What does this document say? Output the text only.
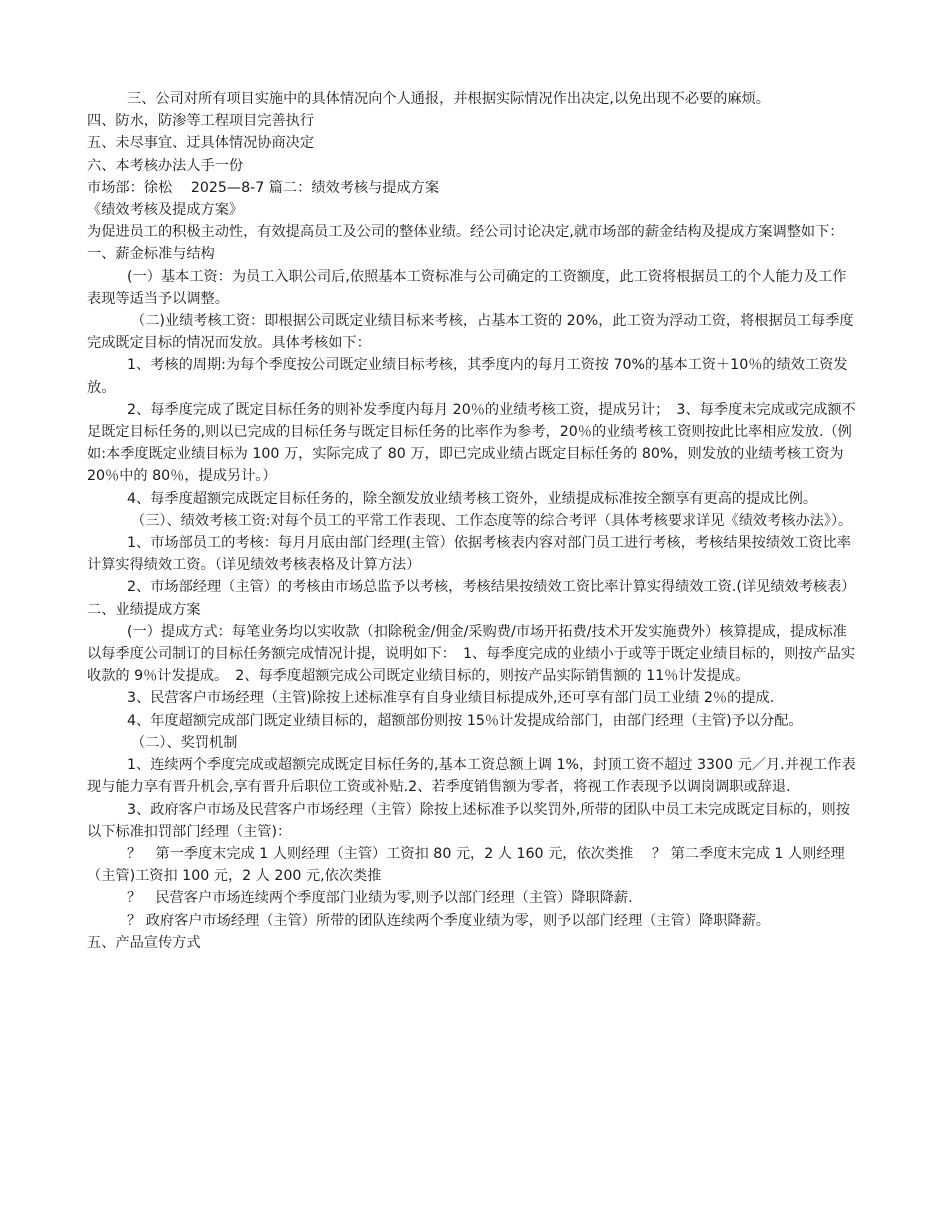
三、公司对所有项目实施中的具体情况向个人通报，并根据实际情况作出决定,以免出现不必要的麻烦。

四、防水，防渗等工程项目完善执行

五、未尽事宜、迂具体情况协商决定

六、本考核办法人手一份

市场部：徐松　 2025—8-7 篇二：绩效考核与提成方案

《绩效考核及提成方案》

为促进员工的积极主动性，有效提高员工及公司的整体业绩。经公司讨论决定,就市场部的薪金结构及提成方案调整如下：　一、薪金标准与结构

(一）基本工资：为员工入职公司后,依照基本工资标准与公司确定的工资额度，此工资将根据员工的个人能力及工作表现等适当予以调整。

（二)业绩考核工资：即根据公司既定业绩目标来考核，占基本工资的 20%，此工资为浮动工资，将根据员工每季度完成既定目标的情况而发放。具体考核如下：

1、考核的周期:为每个季度按公司既定业绩目标考核，其季度内的每月工资按 70%的基本工资＋10％的绩效工资发放。

2、每季度完成了既定目标任务的则补发季度内每月 20％的业绩考核工资，提成另计；　3、每季度未完成或完成额不足既定目标任务的,则以已完成的目标任务与既定目标任务的比率作为参考，20％的业绩考核工资则按此比率相应发放.（例如:本季度既定业绩目标为 100 万，实际完成了 80 万，即已完成业绩占既定目标任务的 80%，则发放的业绩考核工资为 20％中的 80％，提成另计。）

4、每季度超额完成既定目标任务的，除全额发放业绩考核工资外，业绩提成标准按全额享有更高的提成比例。

（三）、绩效考核工资:对每个员工的平常工作表现、工作态度等的综合考评（具体考核要求详见《绩效考核办法》）。

1、市场部员工的考核：每月月底由部门经理(主管）依据考核表内容对部门员工进行考核，考核结果按绩效工资比率计算实得绩效工资。（详见绩效考核表格及计算方法）

2、市场部经理（主管）的考核由市场总监予以考核，考核结果按绩效工资比率计算实得绩效工资.(详见绩效考核表）　二、业绩提成方案

(一）提成方式：每笔业务均以实收款（扣除税金/佣金/采购费/市场开拓费/技术开发实施费外）核算提成，提成标准以每季度公司制订的目标任务额完成情况计提，说明如下：　1、每季度完成的业绩小于或等于既定业绩目标的，则按产品实收款的 9％计发提成。　2、每季度超额完成公司既定业绩目标的，则按产品实际销售额的 11％计发提成。

3、民营客户市场经理（主管)除按上述标准享有自身业绩目标提成外,还可享有部门员工业绩 2％的提成.

4、年度超额完成部门既定业绩目标的，超额部份则按 15％计发提成给部门，由部门经理（主管)予以分配。

（二）、奖罚机制

1、连续两个季度完成或超额完成既定目标任务的,基本工资总额上调 1%，封顶工资不超过 3300 元／月.并视工作表现与能力享有晋升机会,享有晋升后职位工资或补贴.2、若季度销售额为零者，将视工作表现予以调岗调职或辞退.

3、政府客户市场及民营客户市场经理（主管）除按上述标准予以奖罚外,所带的团队中员工未完成既定目标的，则按以下标准扣罚部门经理（主管)：

？　第一季度末完成 1 人则经理（主管）工资扣 80 元，2 人 160 元，依次类推　 ？ 第二季度末完成 1 人则经理（主管)工资扣 100 元，2 人 200 元,依次类推

？　民营客户市场连续两个季度部门业绩为零,则予以部门经理（主管）降职降薪.

？ 政府客户市场经理（主管）所带的团队连续两个季度业绩为零，则予以部门经理（主管）降职降薪。　五、产品宣传方式
